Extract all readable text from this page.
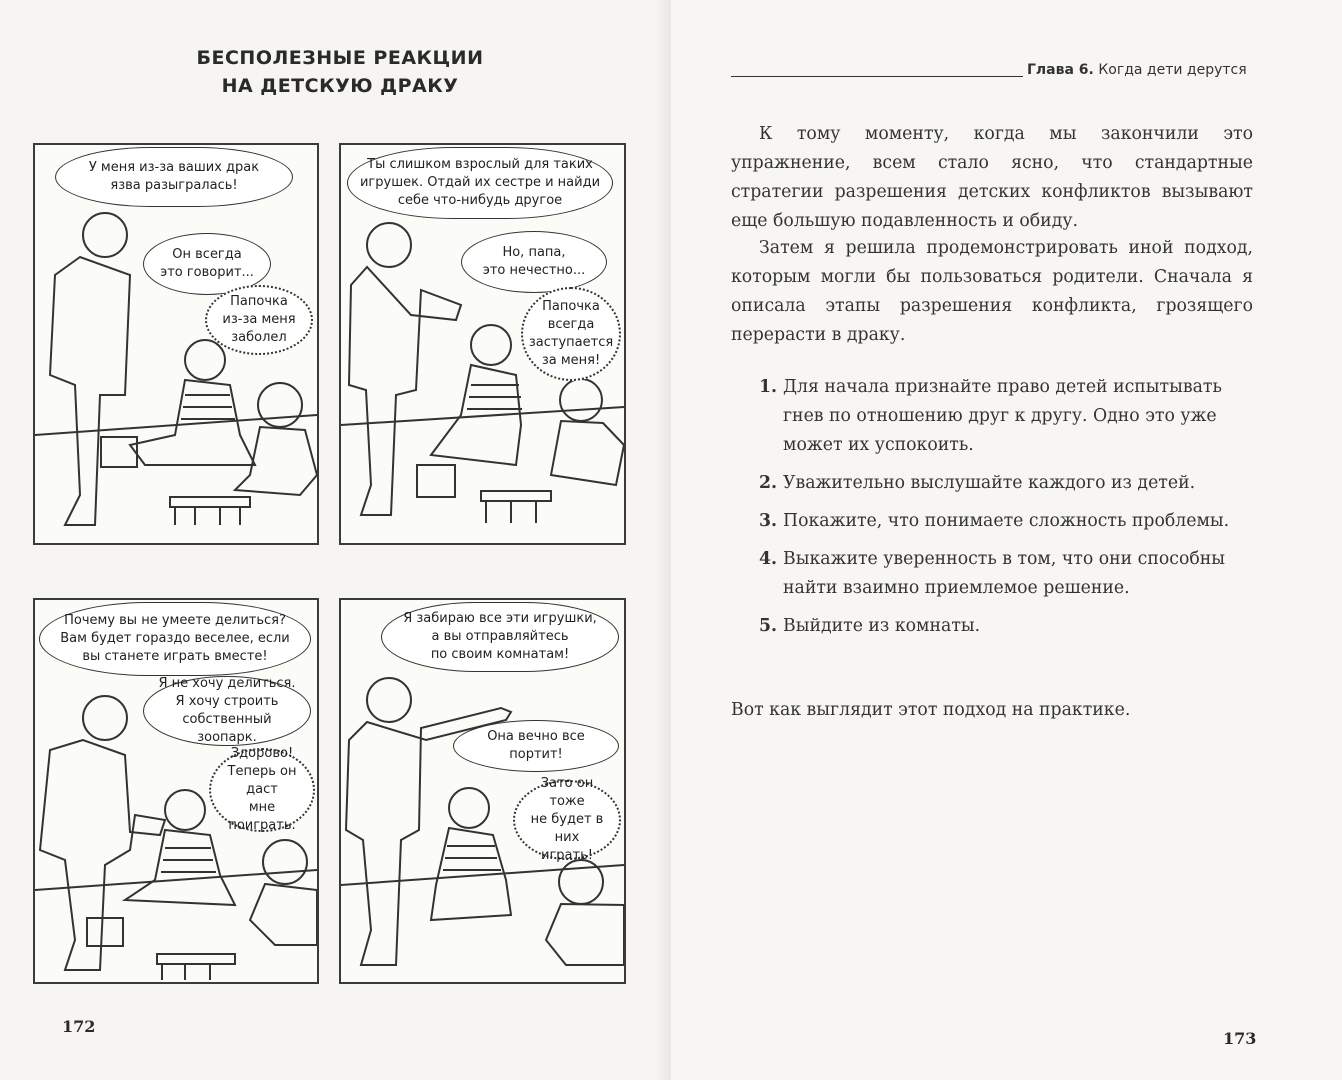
БЕСПОЛЕЗНЫЕ РЕАКЦИИ
НА ДЕТСКУЮ ДРАКУ
У меня из-за ваших драк
язва разыгралась!
Он всегда
это говорит...
Папочка
из-за меня
заболел
Ты слишком взрослый для таких
игрушек. Отдай их сестре и найди
себе что-нибудь другое
Но, папа,
это нечестно...
Папочка
всегда
заступается
за меня!
Почему вы не умеете делиться?
Вам будет гораздо веселее, если
вы станете играть вместе!
Я не хочу делиться.
Я хочу строить
собственный зоопарк.
Здорово!
Теперь он даст
мне
поиграть.
Я забираю все эти игрушки,
а вы отправляйтесь
по своим комнатам!
Она вечно все портит!
Зато он тоже
не будет в них
играть!
172
Глава 6. Когда дети дерутся

К тому моменту, когда мы закончили это упражнение, всем стало ясно, что стандартные стратегии разрешения детских конфликтов вызывают еще большую подавленность и обиду.

Затем я решила продемонстрировать иной подход, которым могли бы пользоваться родители. Сначала я описала этапы разрешения конфликта, грозящего перерасти в драку.

1. Для начала признайте право детей испытывать гнев по отношению друг к другу. Одно это уже может их успокоить.
2. Уважительно выслушайте каждого из детей.
3. Покажите, что понимаете сложность проблемы.
4. Выкажите уверенность в том, что они способны найти взаимно приемлемое решение.
5. Выйдите из комнаты.
Вот как выглядит этот подход на практике.
173
